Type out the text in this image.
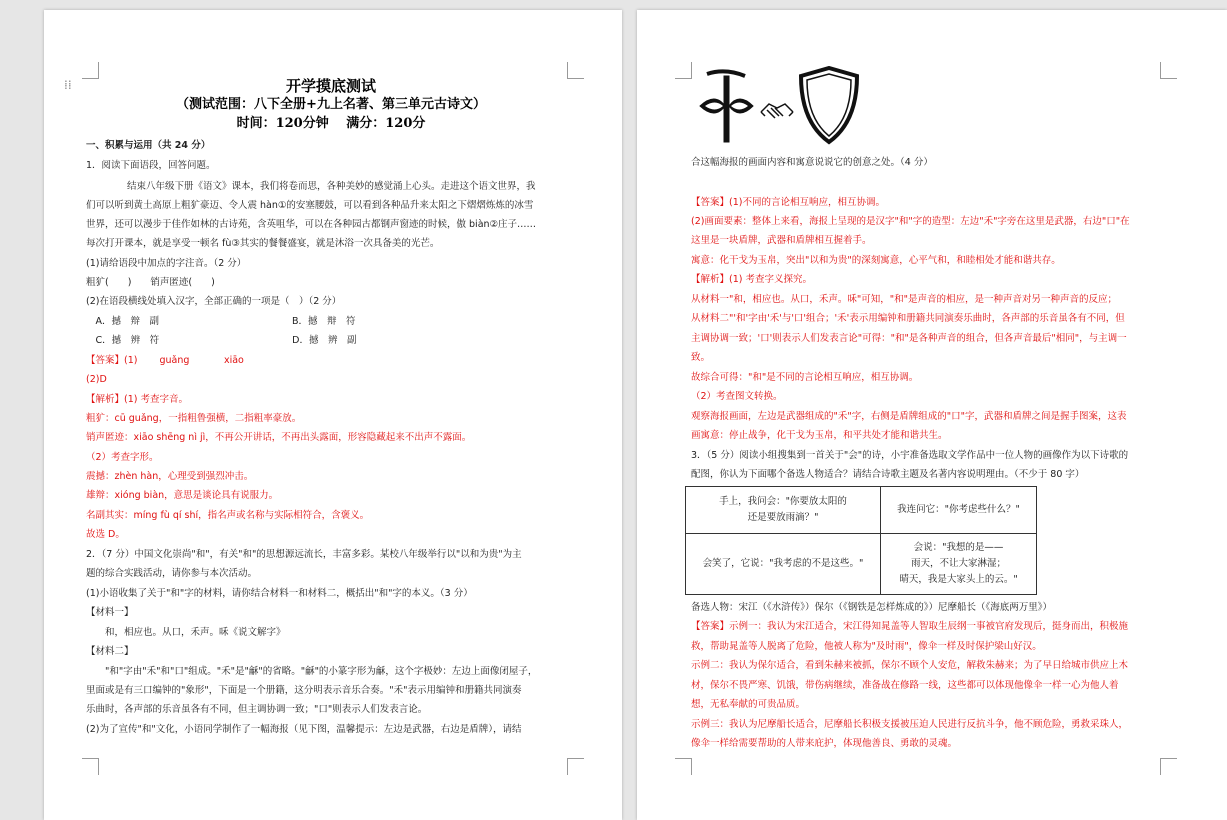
⁞⁞	开学摸底测试
（测试范围：八下全册+九上名著、第三单元古诗文）
时间：120分钟　 满分：120分
一、积累与运用（共 24 分）
1．阅读下面语段，回答问题。
　　　　 结束八年级下册《语文》课本，我们将卷而思，各种美妙的感觉涌上心头。走进这个语文世界，我
们可以听到黄土高原上粗犷豪迈、令人震 hàn①的安塞腰鼓，可以看到各种品升来太阳之下熠熠炼炼的冰雪
世界，还可以漫步于佳作如林的古诗苑，含英咀华，可以在各种园古都钢声窗迹的时候，傲 biàn②庄子……
每次打开课本，就是享受一顿名 fù③其实的餐餐盛宴，就是沐浴一次具备美的光芒。
(1)请给语段中加点的字注音。（2 分）
粗犷(　　)　　销声匿迹(　　)
(2)在语段横线处填入汉字，全部正确的一项是（　）（2 分）
　A．撼　辩　副　　　　　　　　　　　　　　B．撼　辩　符
　C．撼　辨　符　　　　　　　　　　　　　　D．撼　辨　副
【答案】(1)　　 guǎng　　 　 xiāo
(2)D
【解析】(1) 考查字音。
粗犷：cū guǎng，一指粗鲁强横，二指粗率豪放。
销声匿迹：xiāo shēng nì jì，不再公开讲话，不再出头露面，形容隐藏起来不出声不露面。
（2）考查字形。
震撼：zhèn hàn，心理受到强烈冲击。
雄辩：xióng biàn，意思是谈论具有说服力。
名副其实：míng fù qí shí，指名声或名称与实际相符合，含褒义。
故选 D。
2．（7 分）中国文化崇尚"和"，有关"和"的思想源远流长，丰富多彩。某校八年级举行以"以和为贵"为主
题的综合实践活动，请你参与本次活动。
(1)小语收集了关于"和"字的材料，请你结合材料一和材料二，概括出"和"字的本义。（3 分）
【材料一】
　　和，相应也。从口，禾声。咊《说文解字》
【材料二】
　　"和"字由"禾"和"口"组成。"禾"是"龢"的省略。"龢"的小篆字形为龢，这个字极妙：左边上面像闭屋子，
里面或是有三口编钟的"象形"，下面是一个册籍，这分明表示音乐合奏。"禾"表示用编钟和册籍共同演奏
乐曲时，各声部的乐音虽各有不同，但主调协调一致；"口"则表示人们发表言论。
(2)为了宣传"和"文化，小语同学制作了一幅海报（见下图，温馨提示：左边是武器，右边是盾牌），请结
合这幅海报的画面内容和寓意说说它的创意之处。（4 分）
【答案】(1)不同的言论相互响应，相互协调。
(2)画面要素：整体上来看，海报上呈现的是汉字"和"字的造型：左边"禾"字旁在这里是武器，右边"口"在
这里是一块盾牌，武器和盾牌相互握着手。
寓意：化干戈为玉帛，突出"以和为贵"的深刻寓意，心平气和，和睦相处才能和谐共存。
【解析】(1) 考查字义探究。
从材料一"和，相应也。从口，禾声。咊"可知，"和"是声音的相应，是一种声音对另一种声音的反应；
从材料二"'和'字由'禾'与'口'组合；'禾'表示用编钟和册籍共同演奏乐曲时，各声部的乐音虽各有不同，但
主调协调一致；'口'则表示人们发表言论"可得："和"是各种声音的组合，但各声音最后"相同"，与主调一
致。
故综合可得："和"是不同的言论相互响应，相互协调。
（2）考查图文转换。
观察海报画面，左边是武器组成的"禾"字，右侧是盾牌组成的"口"字，武器和盾牌之间是握手图案，这表
画寓意：停止战争，化干戈为玉帛，和平共处才能和谐共生。
3．（5 分）阅读小组搜集到一首关于"会"的诗，小宇准备选取文学作品中一位人物的画像作为以下诗歌的
配图，你认为下面哪个备选人物适合？请结合诗歌主题及名著内容说明理由。（不少于 80 字）
手上，我问会："你要放太阳的
还是要放雨滴？"	我连问它："你考虑些什么？"

会笑了，它说："我考虑的不是这些。"	会说："我想的是——
雨天，不让大家淋湿；
晴天，我是大家头上的云。"
备选人物：宋江（《水浒传》）保尔（《钢铁是怎样炼成的》）尼摩船长（《海底两万里》）
【答案】示例一：我认为宋江适合，宋江得知晁盖等人智取生辰纲一事被官府发现后，挺身而出，积极施
救，帮助晁盖等人脱离了危险，他被人称为"及时雨"，像伞一样及时保护梁山好汉。
示例二：我认为保尔适合，看到朱赫来被抓，保尔不顾个人安危，解救朱赫来；为了早日给城市供应上木
材，保尔不畏严寒、饥饿，带伤病继续，准备战在修路一线，这些都可以体现他像伞一样一心为他人着
想，无私奉献的可贵品质。
示例三：我认为尼摩船长适合，尼摩船长积极支援被压迫人民进行反抗斗争，他不顾危险，勇救采珠人，
像伞一样给需要帮助的人带来庇护，体现他善良、勇敢的灵魂。
